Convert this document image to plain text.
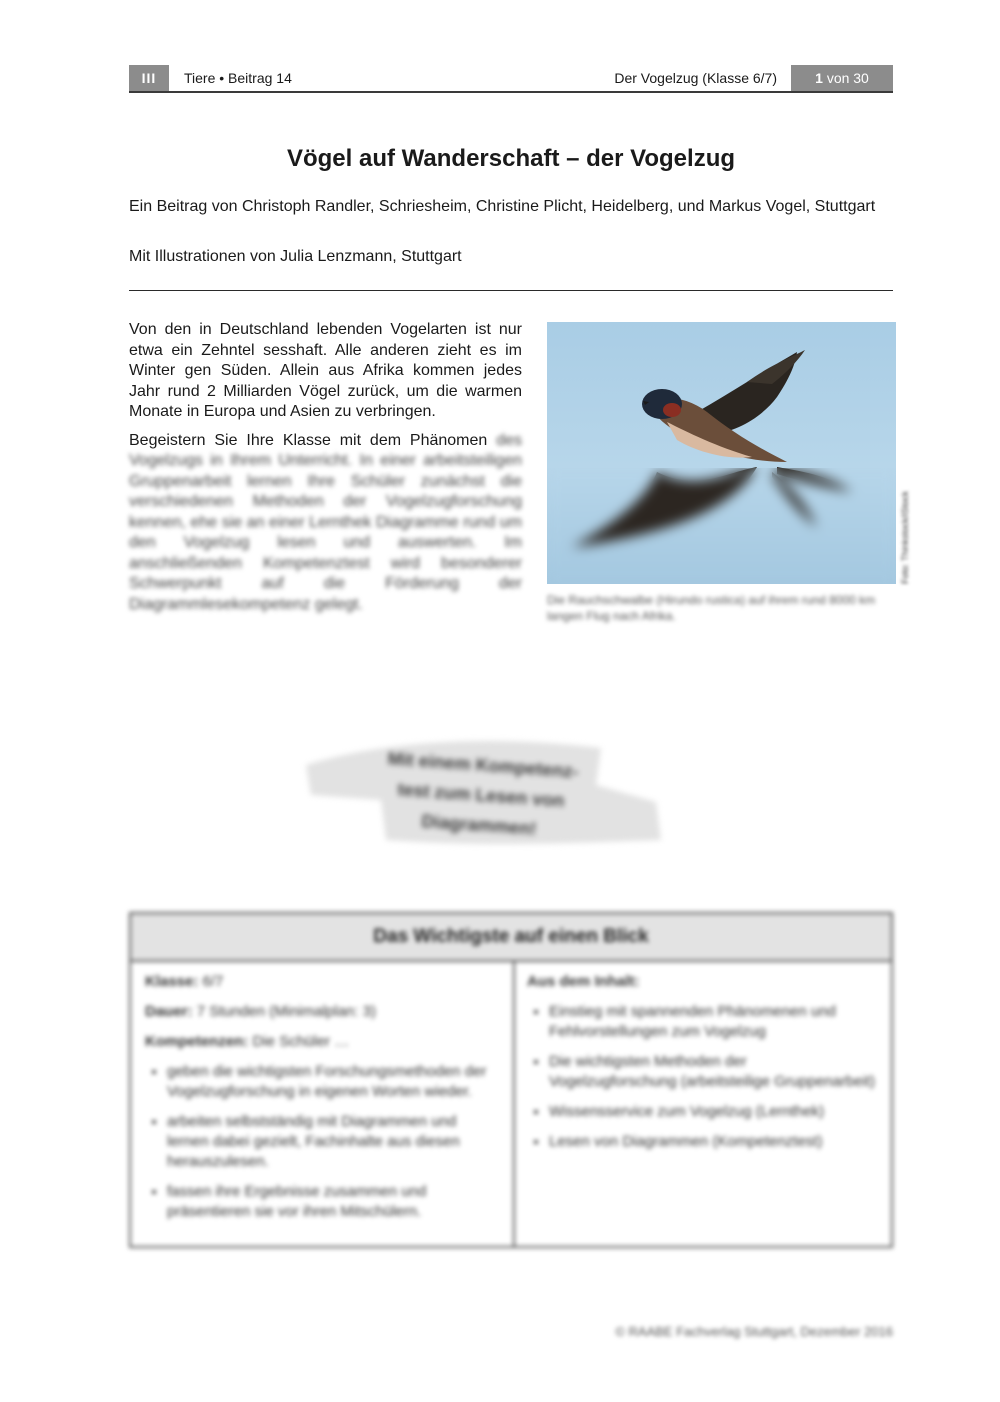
III	Tiere • Beitrag 14	Der Vogelzug (Klasse 6/7)	1 von 30
Vögel auf Wanderschaft – der Vogelzug

Ein Beitrag von Christoph Randler, Schriesheim, Christine Plicht, Heidelberg, und Markus Vogel, Stuttgart

Mit Illustrationen von Julia Lenzmann, Stuttgart

Von den in Deutschland lebenden Vogelarten ist nur etwa ein Zehntel sesshaft. Alle anderen zieht es im Winter gen Süden. Allein aus Afrika kommen jedes Jahr rund 2 Milliarden Vögel zurück, um die warmen Monate in Europa und Asien zu verbringen.

Begeistern Sie Ihre Klasse mit dem Phänomen des Vogelzugs in Ihrem Unterricht. In einer arbeitsteiligen Gruppenarbeit lernen Ihre Schüler zunächst die verschiedenen Methoden der Vogelzugforschung kennen, ehe sie an einer Lernthek Diagramme rund um den Vogelzug lesen und auswerten. Im anschließenden Kompetenztest wird besonderer Schwerpunkt auf die Förderung der Diagrammlesekompetenz gelegt.

Foto: Thinkstock/iStock
Die Rauchschwalbe (Hirundo rustica) auf ihrem rund 8000 km langen Flug nach Afrika.
Mit einem Kompetenz-
test zum Lesen von
Diagrammen!
Das Wichtigste auf einen Blick

Klasse: 6/7

Dauer: 7 Stunden (Minimalplan: 3)

Kompetenzen: Die Schüler …

• geben die wichtigsten Forschungsmethoden der Vogelzugforschung in eigenen Worten wieder.
• arbeiten selbstständig mit Diagrammen und lernen dabei gezielt, Fachinhalte aus diesen herauszulesen.
• fassen ihre Ergebnisse zusammen und präsentieren sie vor ihren Mitschülern.

Aus dem Inhalt:

• Einstieg mit spannenden Phänomenen und Fehlvorstellungen zum Vogelzug
• Die wichtigsten Methoden der Vogelzugforschung (arbeitsteilige Gruppenarbeit)
• Wissensservice zum Vogelzug (Lernthek)
• Lesen von Diagrammen (Kompetenztest)
© RAABE Fachverlag Stuttgart, Dezember 2016
